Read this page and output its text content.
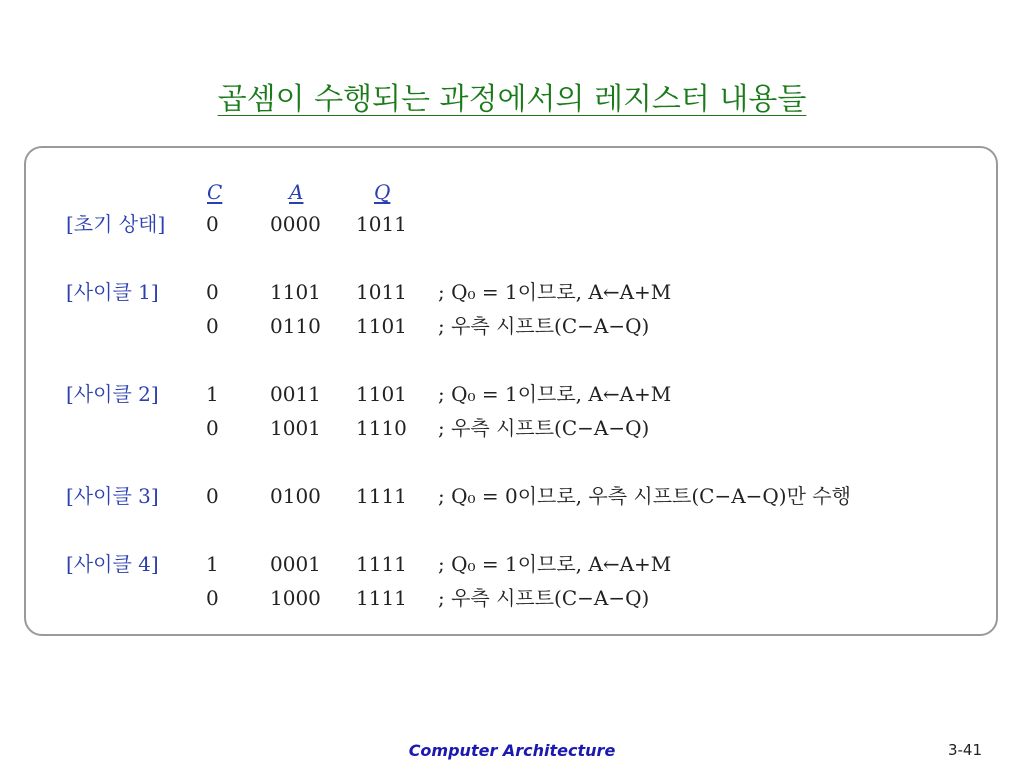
곱셈이 수행되는 과정에서의 레지스터 내용들
C	A	Q
[초기 상태] 0	0000 1011
[사이클 1] 0	1101 1011 ; Q₀ = 1이므로, A←A+M
0	0110 1101 ; 우측 시프트(C−A−Q)
[사이클 2] 1	0011 1101 ; Q₀ = 1이므로, A←A+M
0	1001 1110 ; 우측 시프트(C−A−Q)
[사이클 3] 0	0100 1111 ; Q₀ = 0이므로, 우측 시프트(C−A−Q)만 수행
[사이클 4] 1	0001 1111 ; Q₀ = 1이므로, A←A+M
0	1000 1111 ; 우측 시프트(C−A−Q)
Computer Architecture	3-41
